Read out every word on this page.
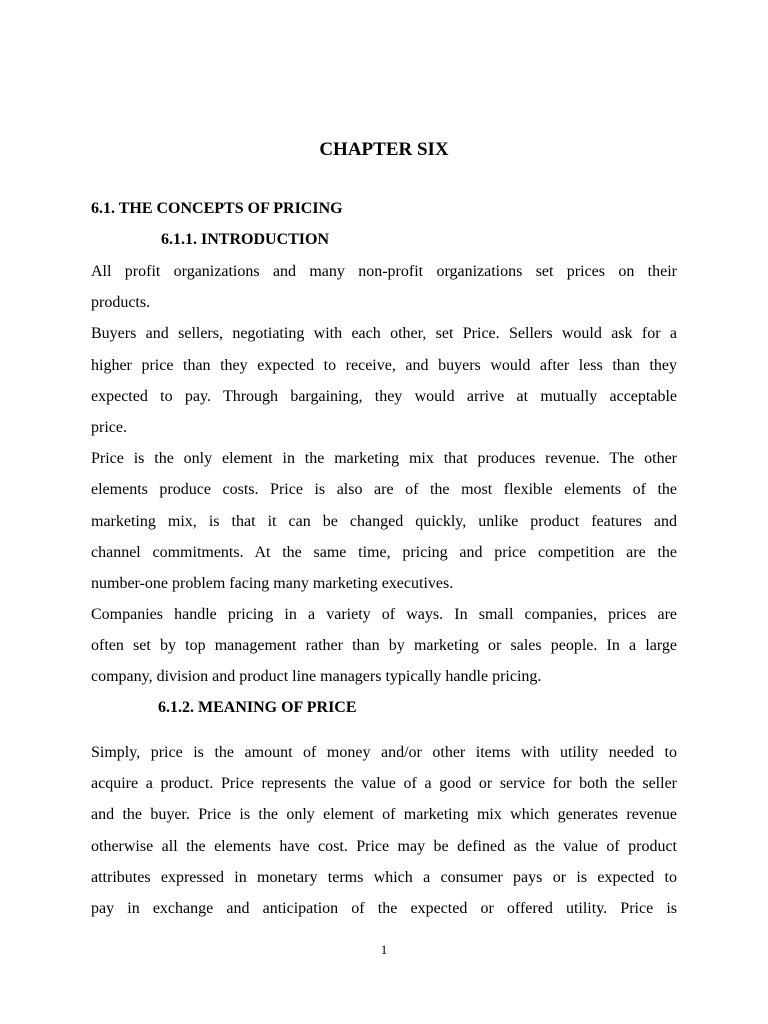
CHAPTER SIX
6.1. THE CONCEPTS OF PRICING
6.1.1. INTRODUCTION
All profit organizations and many non-profit organizations set prices on their
products.
Buyers and sellers, negotiating with each other, set Price. Sellers would ask for a
higher price than they expected to receive, and buyers would after less than they
expected to pay. Through bargaining, they would arrive at mutually acceptable
price.
Price is the only element in the marketing mix that produces revenue. The other
elements produce costs. Price is also are of the most flexible elements of the
marketing mix, is that it can be changed quickly, unlike product features and
channel commitments. At the same time, pricing and price competition are the
number-one problem facing many marketing executives.
Companies handle pricing in a variety of ways. In small companies, prices are
often set by top management rather than by marketing or sales people. In a large
company, division and product line managers typically handle pricing.
6.1.2. MEANING OF PRICE
Simply, price is the amount of money and/or other items with utility needed to
acquire a product. Price represents the value of a good or service for both the seller
and the buyer. Price is the only element of marketing mix which generates revenue
otherwise all the elements have cost. Price may be defined as the value of product
attributes expressed in monetary terms which a consumer pays or is expected to
pay in exchange and anticipation of the expected or offered utility. Price is

1
